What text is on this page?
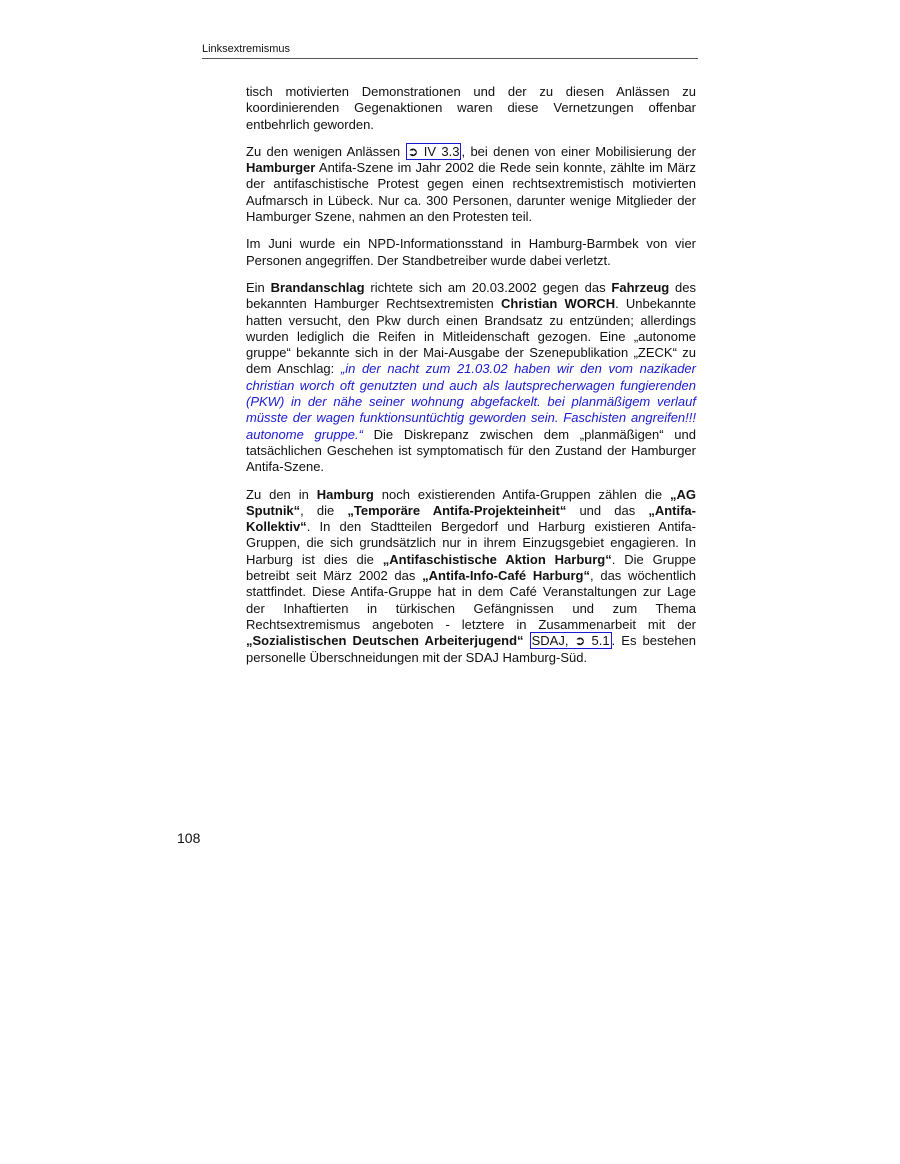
Linksextremismus

tisch motivierten Demonstrationen und der zu diesen Anlässen zu koordinierenden Gegenaktionen waren diese Vernetzungen offenbar entbehrlich geworden.

Zu den wenigen Anlässen ➲ IV 3.3 , bei denen von einer Mobilisierung der Hamburger Antifa-Szene im Jahr 2002 die Rede sein konnte, zählte im März der antifaschistische Protest gegen einen rechtsextremistisch motivierten Aufmarsch in Lübeck. Nur ca. 300 Personen, darunter wenige Mitglieder der Hamburger Szene, nahmen an den Protesten teil.

Im Juni wurde ein NPD-Informationsstand in Hamburg-Barmbek von vier Personen angegriffen. Der Standbetreiber wurde dabei verletzt.

Ein Brandanschlag richtete sich am 20.03.2002 gegen das Fahrzeug des bekannten Hamburger Rechtsextremisten Christian WORCH. Unbekannte hatten versucht, den Pkw durch einen Brandsatz zu entzünden; allerdings wurden lediglich die Reifen in Mitleidenschaft gezogen. Eine „autonome gruppe“ bekannte sich in der Mai-Ausgabe der Szenepublikation „ZECK“ zu dem Anschlag: „in der nacht zum 21.03.02 haben wir den vom nazikader christian worch oft genutzten und auch als lautsprecherwagen fungierenden (PKW) in der nähe seiner wohnung abgefackelt. bei planmäßigem verlauf müsste der wagen funktionsuntüchtig geworden sein. Faschisten angreifen!!! autonome gruppe.“ Die Diskrepanz zwischen dem „planmäßigen“ und tatsächlichen Geschehen ist symptomatisch für den Zustand der Hamburger Antifa-Szene.

Zu den in Hamburg noch existierenden Antifa-Gruppen zählen die „AG Sputnik“, die „Temporäre Antifa-Projekteinheit“ und das „Antifa-Kollektiv“. In den Stadtteilen Bergedorf und Harburg existieren Antifa-Gruppen, die sich grundsätzlich nur in ihrem Einzugsgebiet engagieren. In Harburg ist dies die „Antifaschistische Aktion Harburg“. Die Gruppe betreibt seit März 2002 das „Antifa-Info-Café Harburg“, das wöchentlich stattfindet. Diese Antifa-Gruppe hat in dem Café Veranstaltungen zur Lage der Inhaftierten in türkischen Gefängnissen und zum Thema Rechtsextremismus angeboten - letztere in Zusammenarbeit mit der „Sozialistischen Deutschen Arbeiterjugend“ SDAJ, ➲ 5.1 . Es bestehen personelle Überschneidungen mit der SDAJ Hamburg-Süd.

108
